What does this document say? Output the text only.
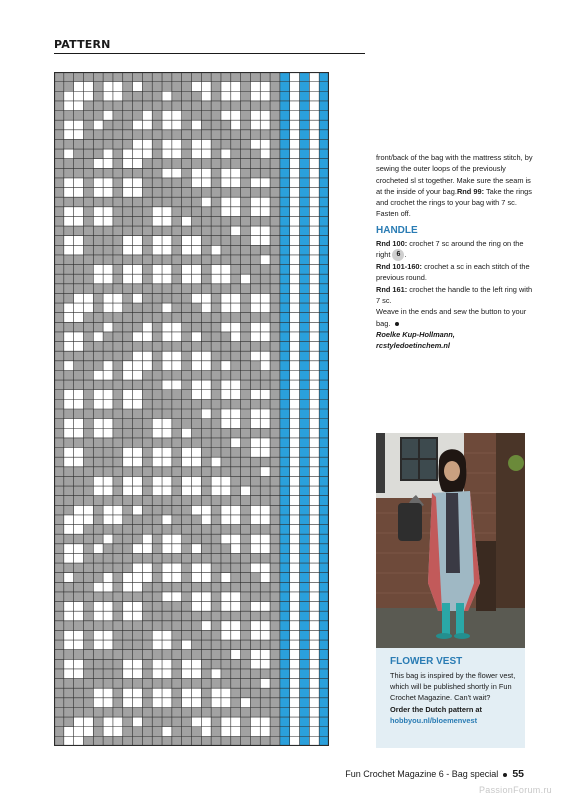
PATTERN

front/back of the bag with the mattress stitch, by sewing the outer loops of the previously crocheted sl st together. Make sure the seam is at the inside of your bag.Rnd 99: Take the rings and crochet the rings to your bag with 7 sc. Fasten off.

HANDLE

Rnd 100: crochet 7 sc around the ring on the right 6 .

Rnd 101-160: crochet a sc in each stitch of the previous round.

Rnd 161: crochet the handle to the left ring with 7 sc.

Weave in the ends and sew the button to your bag.

Roelke Kup-Hollmann,

rcstyledoetinchem.nl

FLOWER VEST

This bag is inspired by the flower vest, which will be published shortly in Fun Crochet Magazine. Can't wait?

Order the Dutch pattern at
hobbyou.nl/bloemenvest
Fun Crochet Magazine 6 - Bag special 55
PassionForum.ru
